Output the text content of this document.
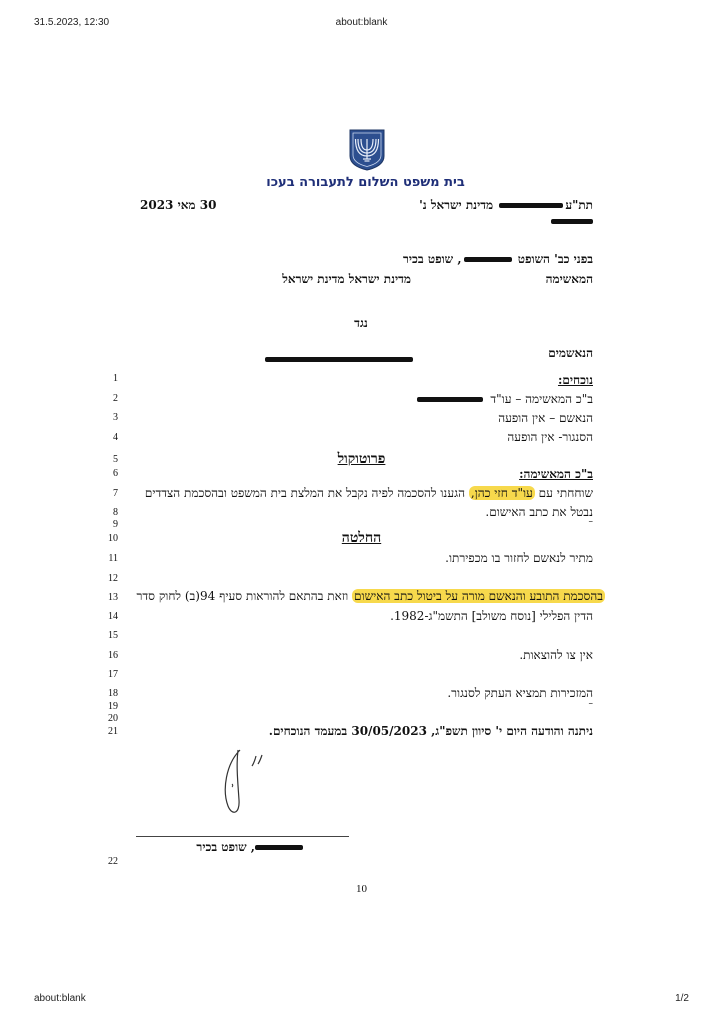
31.5.2023, 12:30	about:blank
about:blank	1/2
בית משפט השלום לתעבורה בעכו
תת"ע מדינת ישראל נ'
30 מאי 2023
בפני כב' השופט , שופט בכיר
המאשימה
מדינת ישראל מדינת ישראל
נגד
הנאשמים
1
2
3
4
5
6
7
8
9
10
11
12
13
14
15
16
17
18
19
20
21
22
נוכחים:
ב"כ המאשימה – עו"ד
הנאשם – אין הופעה
הסנגור- אין הופעה
פרוטוקול
ב"כ המאשימה:
שוחחתי עם עו"ד חזי כהן, הגענו להסכמה לפיה נקבל את המלצת בית המשפט ובהסכמת הצדדים
נבטל את כתב האישום.
–
החלטה
מתיר לנאשם לחזור בו מכפירתו.
בהסכמת התובע והנאשם מורה על ביטול כתב האישום וזאת בהתאם להוראות סעיף 94(ב) לחוק סדר
הדין הפלילי [נוסח משולב] התשמ"ג-1982.
אין צו להוצאות.
המזכירות תמציא העתק לסנגור.
–
ניתנה והודעה היום י' סיוון תשפ"ג, 30/05/2023 במעמד הנוכחים.
, שופט בכיר
10
